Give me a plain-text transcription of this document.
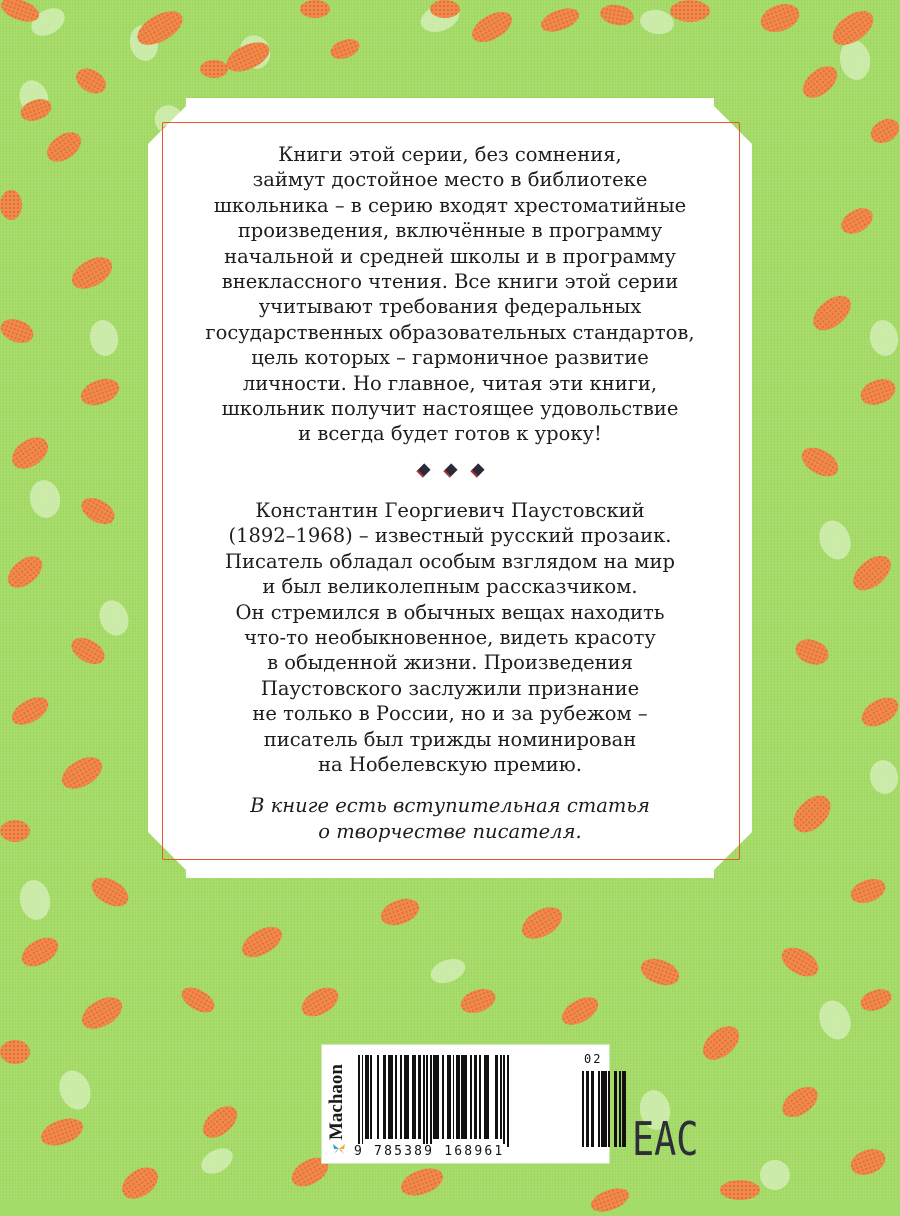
Книги этой серии, без сомнения,
займут достойное место в библиотеке
школьника – в серию входят хрестоматийные
произведения, включённые в программу
начальной и средней школы и в программу
внеклассного чтения. Все книги этой серии
учитывают требования федеральных
государственных образовательных стандартов,
цель которых – гармоничное развитие
личности. Но главное, читая эти книги,
школьник получит настоящее удовольствие
и всегда будет готов к уроку!

Константин Георгиевич Паустовский
(1892–1968) – известный русский прозаик.
Писатель обладал особым взглядом на мир
и был великолепным рассказчиком.
Он стремился в обычных вещах находить
что-то необыкновенное, видеть красоту
в обыденной жизни. Произведения
Паустовского заслужили признание
не только в России, но и за рубежом –
писатель был трижды номинирован
на Нобелевскую премию.

В книге есть вступительная статья
о творчестве писателя.
Machaon
9 785389 168961
02
EAC
